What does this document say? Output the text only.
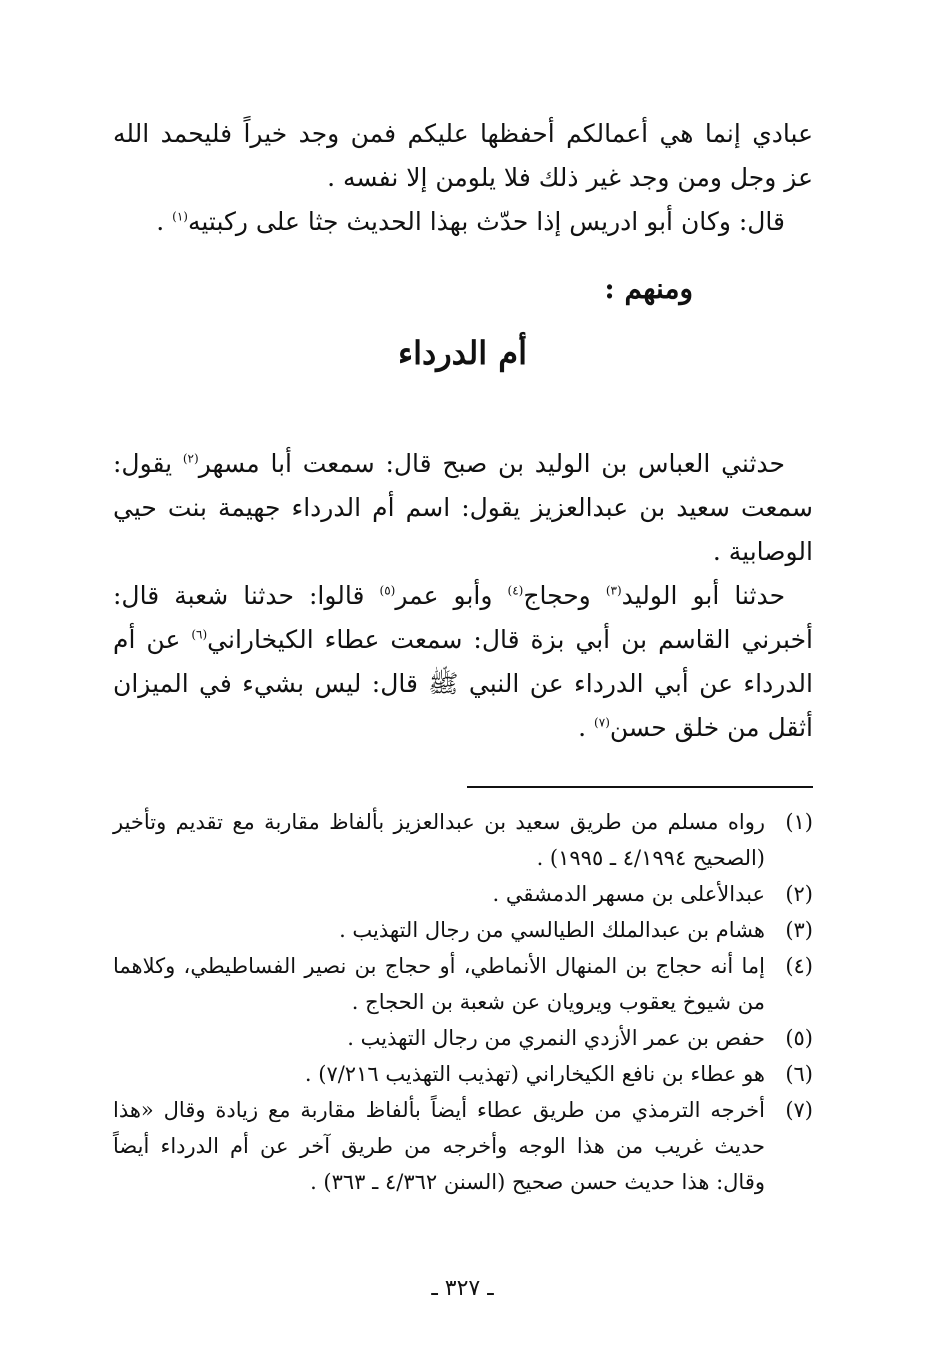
عبادي إنما هي أعمالكم أحفظها عليكم فمن وجد خيراً فليحمد الله عز وجل ومن وجد غير ذلك فلا يلومن إلا نفسه .

قال: وكان أبو ادريس إذا حدّث بهذا الحديث جثا على ركبتيه$^{(١)}$ .

ومنهم :
أم الدرداء

حدثني العباس بن الوليد بن صبح قال: سمعت أبا مسهر$^{(٢)}$ يقول: سمعت سعيد بن عبدالعزيز يقول: اسم أم الدرداء جهيمة بنت حيي الوصابية .

حدثنا أبو الوليد$^{(٣)}$ وحجاج$^{(٤)}$ وأبو عمر$^{(٥)}$ قالوا: حدثنا شعبة قال: أخبرني القاسم بن أبي بزة قال: سمعت عطاء الكيخاراني$^{(٦)}$ عن أم الدرداء عن أبي الدرداء عن النبي ﷺ قال: ليس بشيء في الميزان أثقل من خلق حسن$^{(٧)}$ .

(١)
رواه مسلم من طريق سعيد بن عبدالعزيز بألفاظ مقاربة مع تقديم وتأخير (الصحيح ٤/١٩٩٤ ـ ١٩٩٥) .

(٢)
عبدالأعلى بن مسهر الدمشقي .

(٣)
هشام بن عبدالملك الطيالسي من رجال التهذيب .

(٤)
إما أنه حجاج بن المنهال الأنماطي، أو حجاج بن نصير الفساطيطي، وكلاهما من شيوخ يعقوب ويرويان عن شعبة بن الحجاج .

(٥)
حفص بن عمر الأزدي النمري من رجال التهذيب .

(٦)
هو عطاء بن نافع الكيخاراني (تهذيب التهذيب ٧/٢١٦) .

(٧)
أخرجه الترمذي من طريق عطاء أيضاً بألفاظ مقاربة مع زيادة وقال «هذا حديث غريب من هذا الوجه وأخرجه من طريق آخر عن أم الدرداء أيضاً وقال: هذا حديث حسن صحيح (السنن ٤/٣٦٢ ـ ٣٦٣) .

ـ ٣٢٧ ـ
